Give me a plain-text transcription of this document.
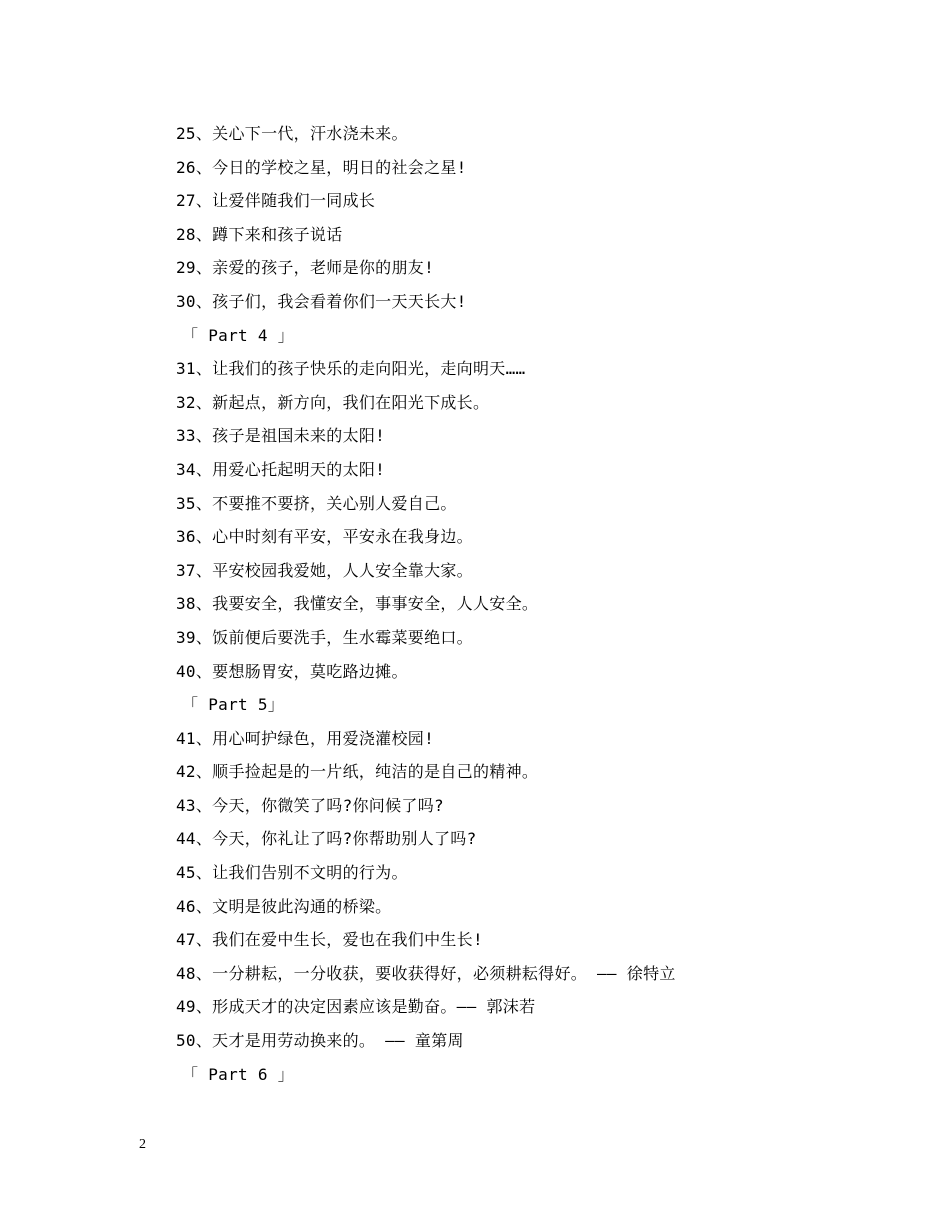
25、关心下一代，汗水浇未来。
26、今日的学校之星，明日的社会之星!
27、让爱伴随我们一同成长
28、蹲下来和孩子说话
29、亲爱的孩子，老师是你的朋友!
30、孩子们，我会看着你们一天天长大!
「 Part 4 」
31、让我们的孩子快乐的走向阳光，走向明天……
32、新起点，新方向，我们在阳光下成长。
33、孩子是祖国未来的太阳!
34、用爱心托起明天的太阳!
35、不要推不要挤，关心别人爱自己。
36、心中时刻有平安，平安永在我身边。
37、平安校园我爱她，人人安全靠大家。
38、我要安全，我懂安全，事事安全，人人安全。
39、饭前便后要洗手，生水霉菜要绝口。
40、要想肠胃安，莫吃路边摊。
「 Part 5」
41、用心呵护绿色，用爱浇灌校园!
42、顺手捡起是的一片纸，纯洁的是自己的精神。
43、今天，你微笑了吗?你问候了吗?
44、今天，你礼让了吗?你帮助别人了吗?
45、让我们告别不文明的行为。
46、文明是彼此沟通的桥梁。
47、我们在爱中生长，爱也在我们中生长!
48、一分耕耘，一分收获，要收获得好，必须耕耘得好。 —— 徐特立
49、形成天才的决定因素应该是勤奋。—— 郭沫若
50、天才是用劳动换来的。 —— 童第周
「 Part 6 」
2
